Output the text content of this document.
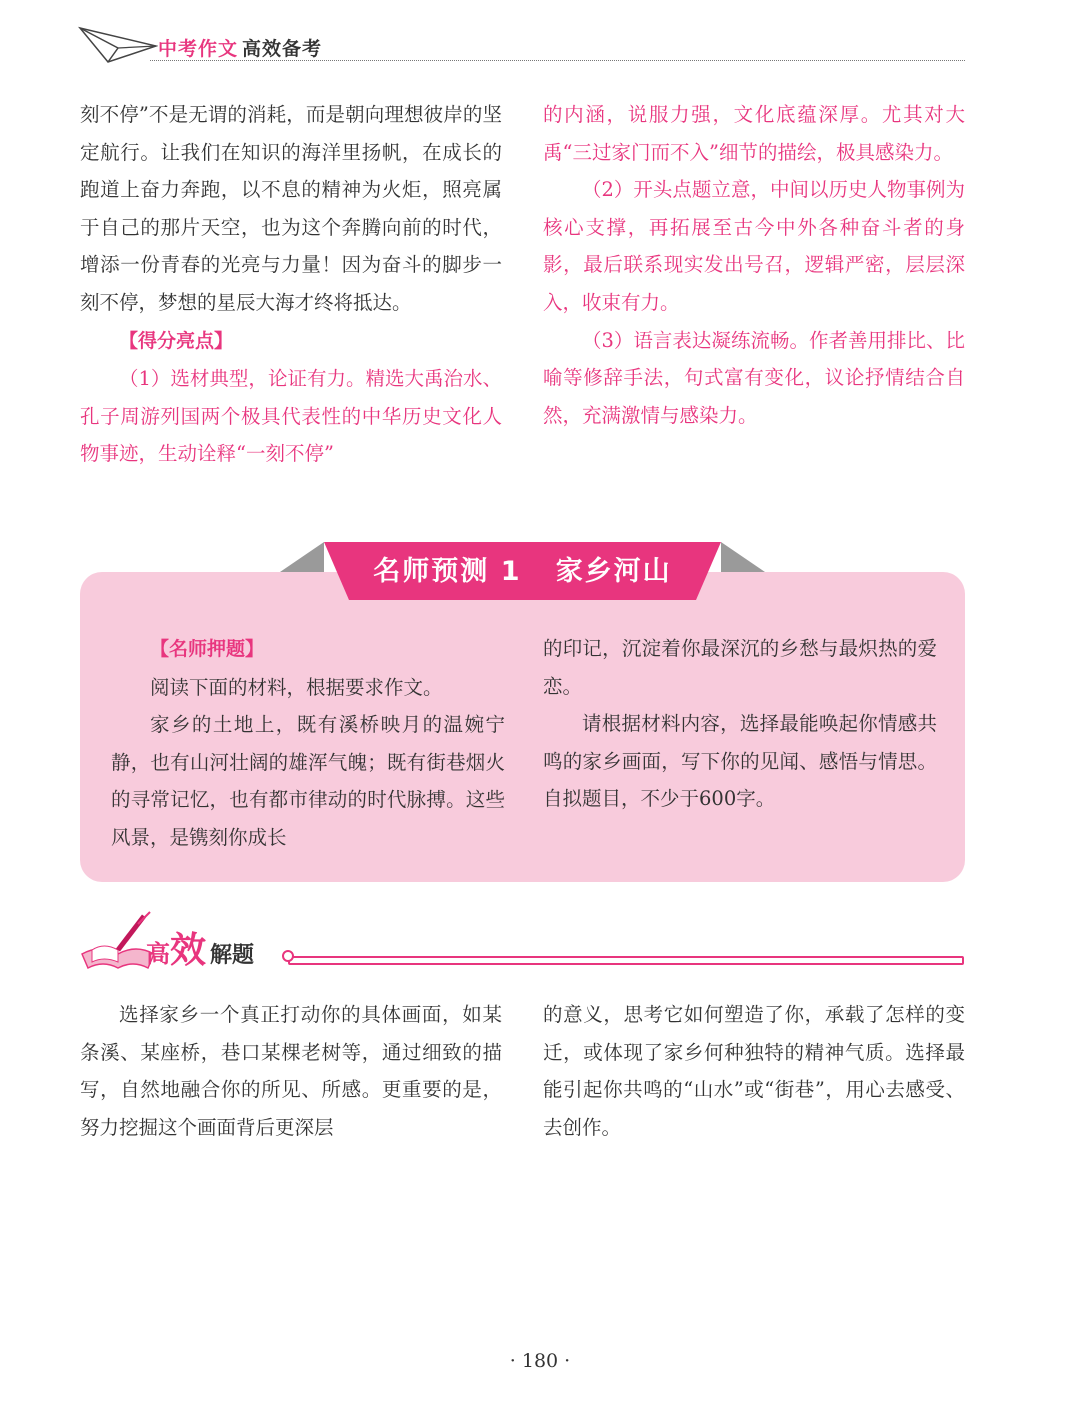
中考作文 高效备考

刻不停”不是无谓的消耗，而是朝向理想彼岸的坚定航行。让我们在知识的海洋里扬帆，在成长的跑道上奋力奔跑，以不息的精神为火炬，照亮属于自己的那片天空，也为这个奔腾向前的时代，增添一份青春的光亮与力量！因为奋斗的脚步一刻不停，梦想的星辰大海才终将抵达。

【得分亮点】

（1）选材典型，论证有力。精选大禹治水、孔子周游列国两个极具代表性的中华历史文化人物事迹，生动诠释“一刻不停”

的内涵，说服力强，文化底蕴深厚。尤其对大禹“三过家门而不入”细节的描绘，极具感染力。

（2）开头点题立意，中间以历史人物事例为核心支撑，再拓展至古今中外各种奋斗者的身影，最后联系现实发出号召，逻辑严密，层层深入，收束有力。

（3）语言表达凝练流畅。作者善用排比、比喻等修辞手法，句式富有变化，议论抒情结合自然，充满激情与感染力。

名师预测 1 家乡河山

【名师押题】

阅读下面的材料，根据要求作文。

家乡的土地上，既有溪桥映月的温婉宁静，也有山河壮阔的雄浑气魄；既有街巷烟火的寻常记忆，也有都市律动的时代脉搏。这些风景，是镌刻你成长

的印记，沉淀着你最深沉的乡愁与最炽热的爱恋。

请根据材料内容，选择最能唤起你情感共鸣的家乡画面，写下你的见闻、感悟与情思。自拟题目，不少于600字。

高效 解题

选择家乡一个真正打动你的具体画面，如某条溪、某座桥，巷口某棵老树等，通过细致的描写，自然地融合你的所见、所感。更重要的是，努力挖掘这个画面背后更深层

的意义，思考它如何塑造了你，承载了怎样的变迁，或体现了家乡何种独特的精神气质。选择最能引起你共鸣的“山水”或“街巷”，用心去感受、去创作。

· 180 ·
